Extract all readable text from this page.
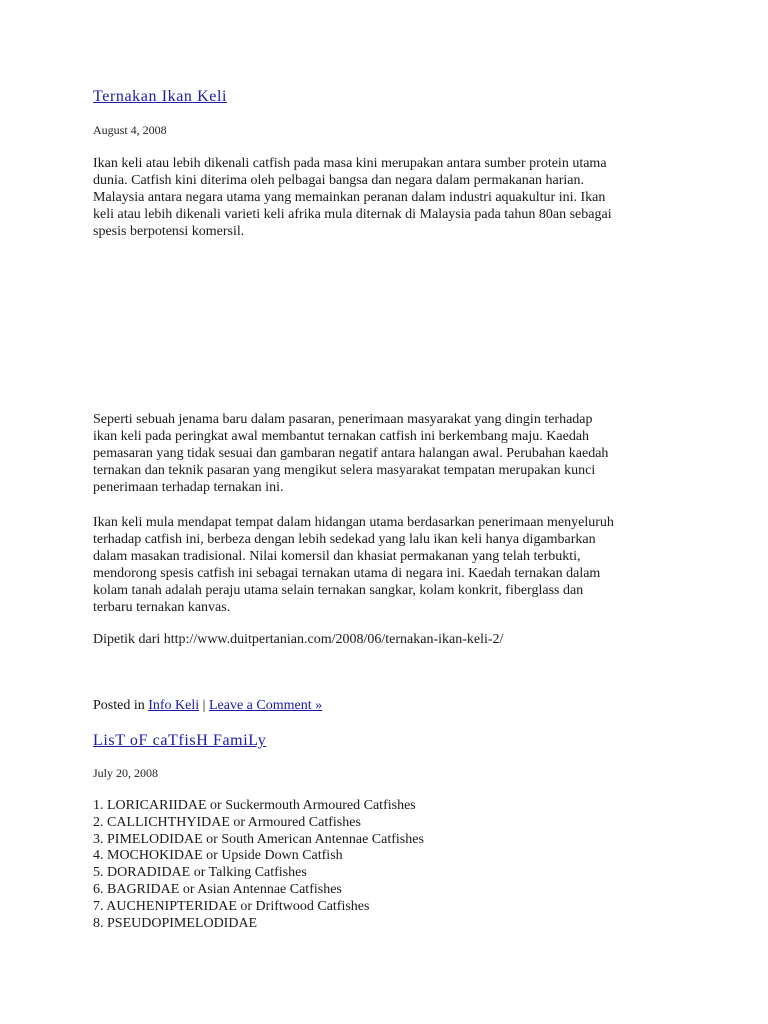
Ternakan Ikan Keli
August 4, 2008

Ikan keli atau lebih dikenali catfish pada masa kini merupakan antara sumber protein utama
dunia. Catfish kini diterima oleh pelbagai bangsa dan negara dalam permakanan harian.
Malaysia antara negara utama yang memainkan peranan dalam industri aquakultur ini. Ikan
keli atau lebih dikenali varieti keli afrika mula diternak di Malaysia pada tahun 80an sebagai
spesis berpotensi komersil.

Seperti sebuah jenama baru dalam pasaran, penerimaan masyarakat yang dingin terhadap
ikan keli pada peringkat awal membantut ternakan catfish ini berkembang maju. Kaedah
pemasaran yang tidak sesuai dan gambaran negatif antara halangan awal. Perubahan kaedah
ternakan dan teknik pasaran yang mengikut selera masyarakat tempatan merupakan kunci
penerimaan terhadap ternakan ini.

Ikan keli mula mendapat tempat dalam hidangan utama berdasarkan penerimaan menyeluruh
terhadap catfish ini, berbeza dengan lebih sedekad yang lalu ikan keli hanya digambarkan
dalam masakan tradisional. Nilai komersil dan khasiat permakanan yang telah terbukti,
mendorong spesis catfish ini sebagai ternakan utama di negara ini. Kaedah ternakan dalam
kolam tanah adalah peraju utama selain ternakan sangkar, kolam konkrit, fiberglass dan
terbaru ternakan kanvas.

Dipetik dari http://www.duitpertanian.com/2008/06/ternakan-ikan-keli-2/

Posted in Info Keli | Leave a Comment »
LisT oF caTfisH FamiLy
July 20, 2008
1. LORICARIIDAE or Suckermouth Armoured Catfishes
2. CALLICHTHYIDAE or Armoured Catfishes
3. PIMELODIDAE or South American Antennae Catfishes
4. MOCHOKIDAE or Upside Down Catfish
5. DORADIDAE or Talking Catfishes
6. BAGRIDAE or Asian Antennae Catfishes
7. AUCHENIPTERIDAE or Driftwood Catfishes
8. PSEUDOPIMELODIDAE
